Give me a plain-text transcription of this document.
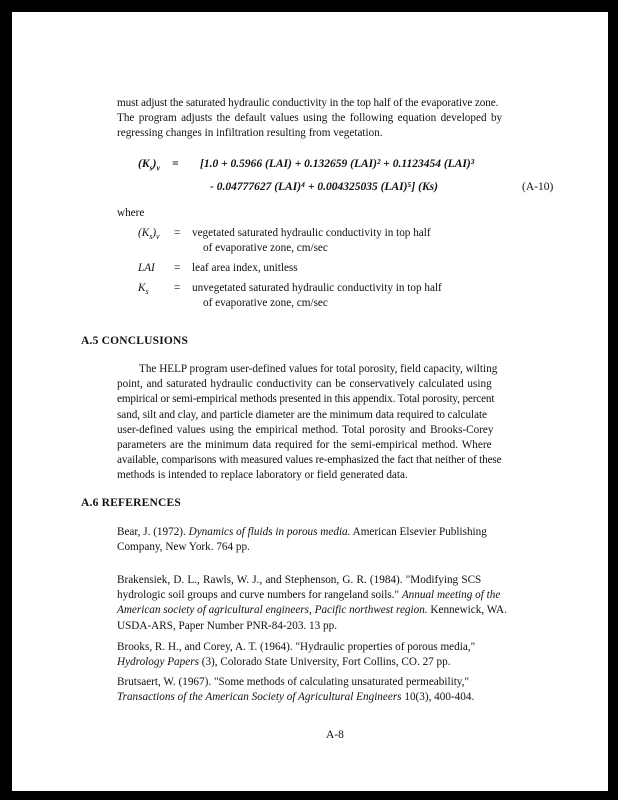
must adjust the saturated hydraulic conductivity in the top half of the evaporative zone.
The program adjusts the default values using the following equation developed by
regressing changes in infiltration resulting from vegetation.
$(K_s)_v = [1.0 + 0.5966$ (LAI) + 0.132659 (LAI)² + 0.1123454 (LAI)³
- 0.04777627 (LAI)⁴ + 0.004325035 (LAI)⁵] (Ks)	(A-10)
where
$(K_s)_v$ = vegetated saturated hydraulic conductivity in top half
of evaporative zone, cm/sec
LAI = leaf area index, unitless
$K_s$ = unvegetated saturated hydraulic conductivity in top half
of evaporative zone, cm/sec
A.5 CONCLUSIONS
The HELP program user-defined values for total porosity, field capacity, wilting
point, and saturated hydraulic conductivity can be conservatively calculated using
empirical or semi-empirical methods presented in this appendix. Total porosity, percent
sand, silt and clay, and particle diameter are the minimum data required to calculate
user-defined values using the empirical method. Total porosity and Brooks-Corey
parameters are the minimum data required for the semi-empirical method. Where
available, comparisons with measured values re-emphasized the fact that neither of these
methods is intended to replace laboratory or field generated data.
A.6 REFERENCES
Bear, J. (1972). Dynamics of fluids in porous media. American Elsevier Publishing
Company, New York. 764 pp.
Brakensiek, D. L., Rawls, W. J., and Stephenson, G. R. (1984). "Modifying SCS
hydrologic soil groups and curve numbers for rangeland soils." Annual meeting of the
American society of agricultural engineers, Pacific northwest region. Kennewick, WA.
USDA-ARS, Paper Number PNR-84-203. 13 pp.
Brooks, R. H., and Corey, A. T. (1964). "Hydraulic properties of porous media,"
Hydrology Papers (3), Colorado State University, Fort Collins, CO. 27 pp.
Brutsaert, W. (1967). "Some methods of calculating unsaturated permeability,"
Transactions of the American Society of Agricultural Engineers 10(3), 400-404.
A-8
